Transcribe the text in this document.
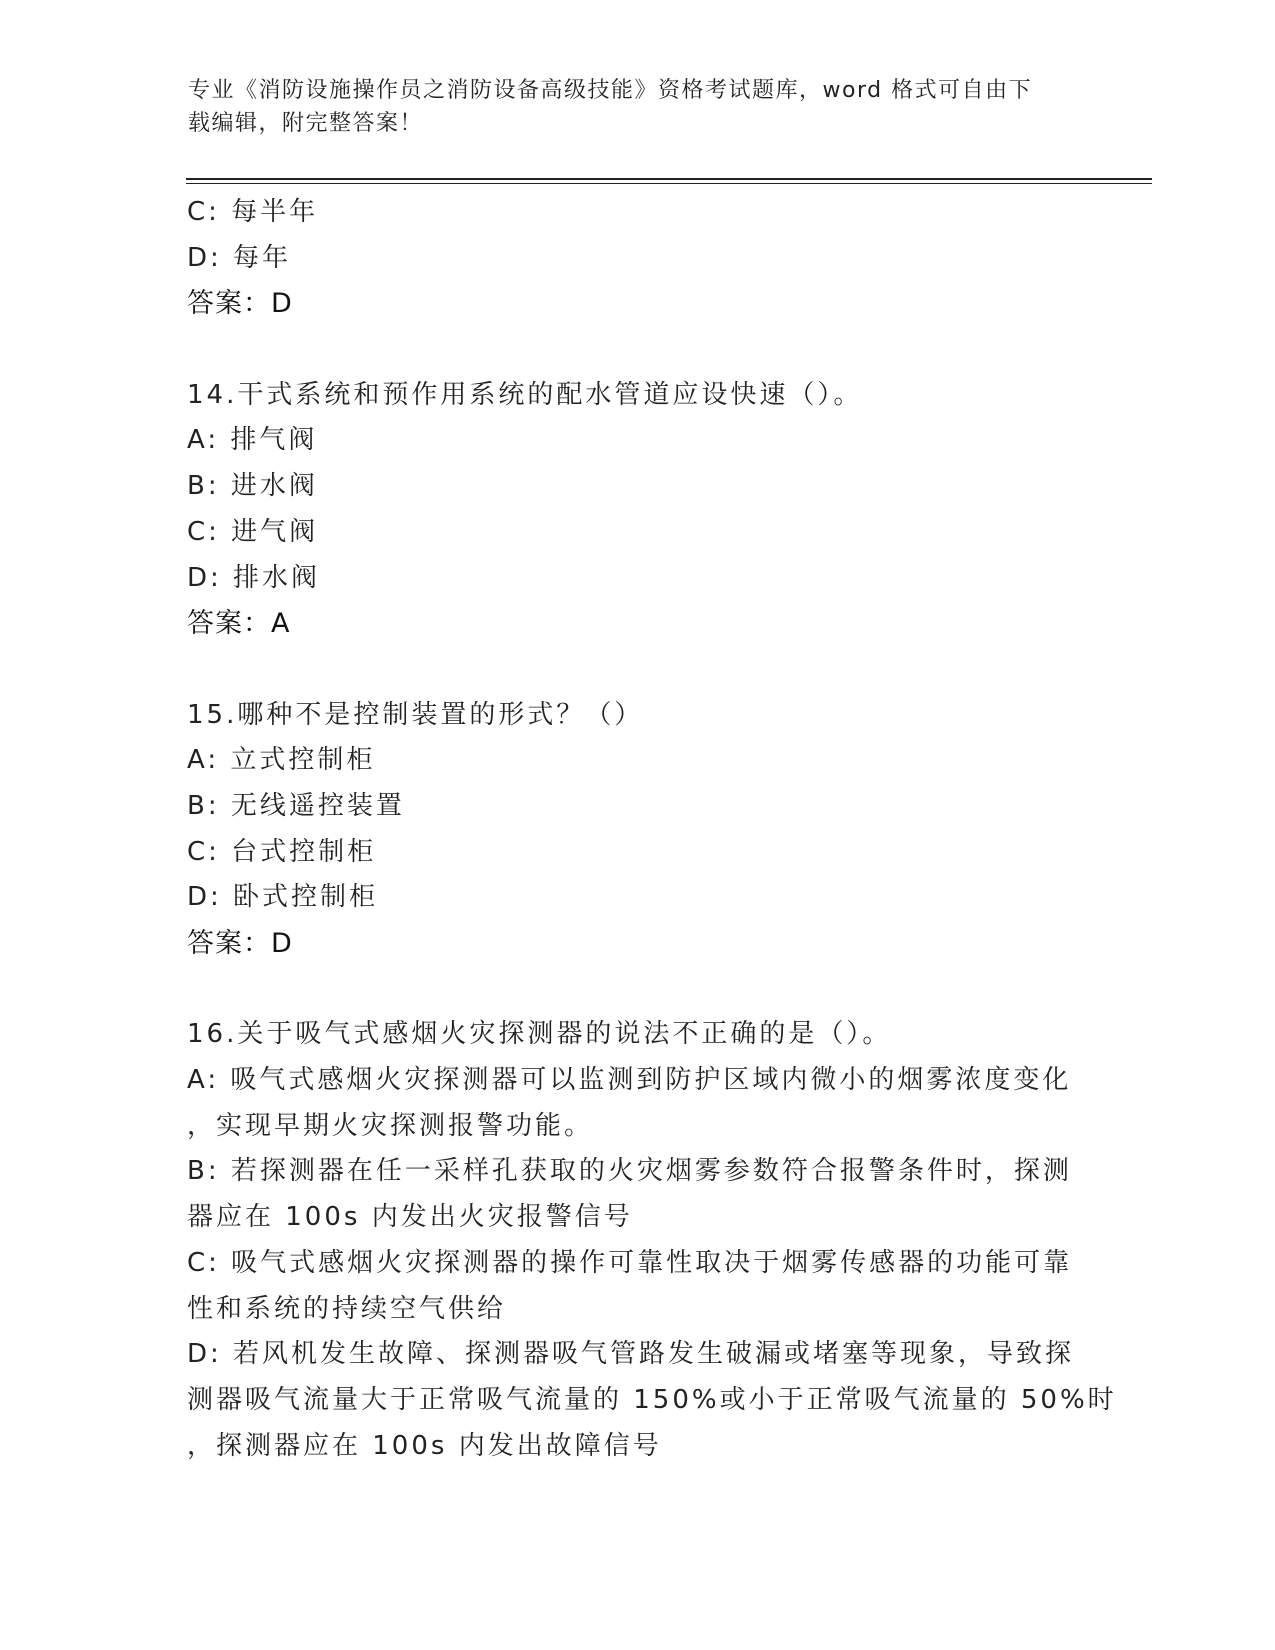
专业《消防设施操作员之消防设备高级技能》资格考试题库，word 格式可自由下
载编辑，附完整答案！
C: 每半年
D: 每年
答案：D
14.干式系统和预作用系统的配水管道应设快速（）。
A: 排气阀
B: 进水阀
C: 进气阀
D: 排水阀
答案：A
15.哪种不是控制装置的形式？（）
A: 立式控制柜
B: 无线遥控装置
C: 台式控制柜
D: 卧式控制柜
答案：D
16.关于吸气式感烟火灾探测器的说法不正确的是（）。
A: 吸气式感烟火灾探测器可以监测到防护区域内微小的烟雾浓度变化
，实现早期火灾探测报警功能。
B: 若探测器在任一采样孔获取的火灾烟雾参数符合报警条件时，探测
器应在 100s 内发出火灾报警信号
C: 吸气式感烟火灾探测器的操作可靠性取决于烟雾传感器的功能可靠
性和系统的持续空气供给
D: 若风机发生故障、探测器吸气管路发生破漏或堵塞等现象，导致探
测器吸气流量大于正常吸气流量的 150%或小于正常吸气流量的 50%时
，探测器应在 100s 内发出故障信号
